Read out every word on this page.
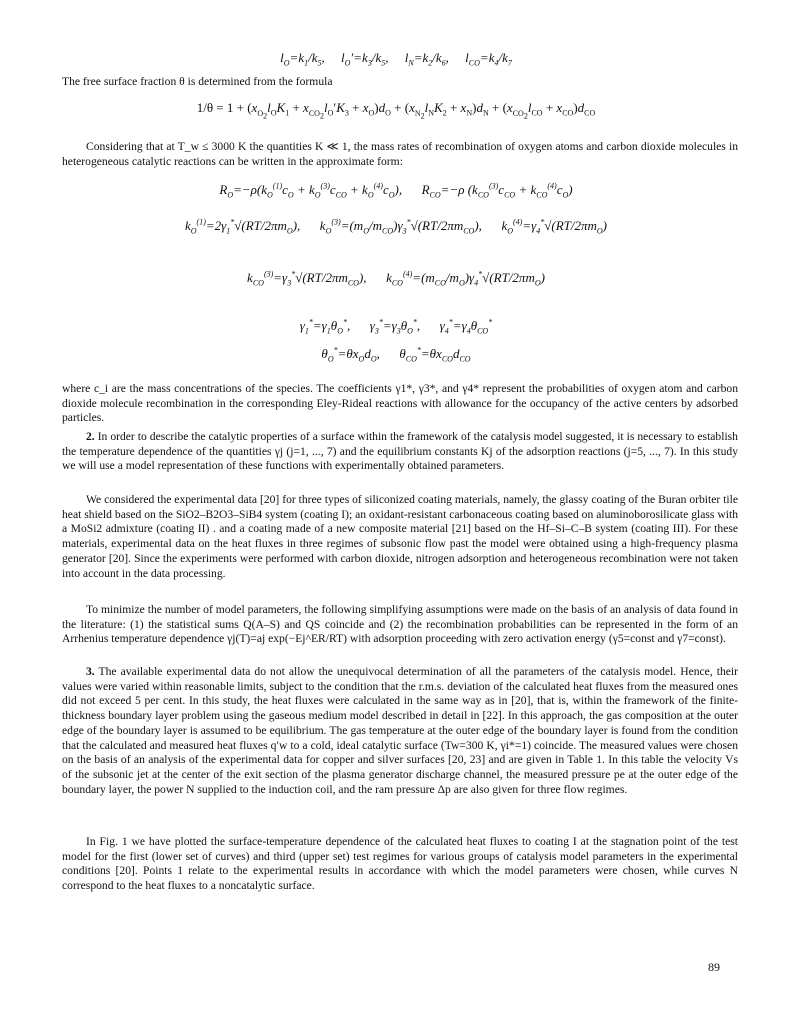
$l_O=k_1/k_5$,     $l_O'=k_3/k_5$,     $l_N=k_2/k_6$,     $l_{CO}=k_4/k_7$

The free surface fraction θ is determined from the formula

$1/\theta = 1 + (x_{O_2}l_OK_1 + x_{CO_2}l_O'K_3 + x_O)d_O + (x_{N_2}l_NK_2 + x_N)d_N + (x_{CO_2}l_{CO} + x_{CO})d_{CO}$

Considering that at T_w ≤ 3000 K the quantities K ≪ 1, the mass rates of recombination of oxygen atoms and carbon dioxide molecules in heterogeneous catalytic reactions can be written in the approximate form:

$R_O=-\rho(k_O^{(1)}c_O + k_O^{(3)}c_{CO} + k_O^{(4)}c_O)$,      $R_{CO}=-\rho$ $(k_{CO}^{(3)}c_{CO} + k_{CO}^{(4)}c_O)$
$k_O^{(1)}=2\gamma_1^*√(RT/2\pi m_O)$,      $k_O^{(3)}=(m_O/m_{CO})\gamma_3^*√(RT/2\pi m_{CO})$,      $k_O^{(4)}=\gamma_4^*√(RT/2\pi m_O)$
$k_{CO}^{(3)}=\gamma_3^*√(RT/2\pi m_{CO})$,      $k_{CO}^{(4)}=(m_{CO}/m_O)\gamma_4^*√(RT/2\pi m_O)$
$\gamma_1^*=\gamma_1\theta_O^*$,      $\gamma_3^*=\gamma_3\theta_O^*$,      $\gamma_4^*=\gamma_4\theta_{CO}^*$
$\theta_O^*=\theta x_Od_O$,      $\theta_{CO}^*=\theta x_{CO}d_{CO}$

where c_i are the mass concentrations of the species. The coefficients γ1*, γ3*, and γ4* represent the probabilities of oxygen atom and carbon dioxide molecule recombination in the corresponding Eley-Rideal reactions with allowance for the occupancy of the active centers by adsorbed particles.

2. In order to describe the catalytic properties of a surface within the framework of the catalysis model suggested, it is necessary to establish the temperature dependence of the quantities γj (j=1, ..., 7) and the equilibrium constants Kj of the adsorption reactions (j=5, ..., 7). In this study we will use a model representation of these functions with experimentally obtained parameters.

We considered the experimental data [20] for three types of siliconized coating materials, namely, the glassy coating of the Buran orbiter tile heat shield based on the SiO2–B2O3–SiB4 system (coating I); an oxidant-resistant carbonaceous coating based on aluminoborosilicate glass with a MoSi2 admixture (coating II) . and a coating made of a new composite material [21] based on the Hf–Si–C–B system (coating III). For these materials, experimental data on the heat fluxes in three regimes of subsonic flow past the model were obtained using a high-frequency plasma generator [20]. Since the experiments were performed with carbon dioxide, nitrogen adsorption and heterogeneous recombination were not taken into account in the data processing.

To minimize the number of model parameters, the following simplifying assumptions were made on the basis of an analysis of data found in the literature: (1) the statistical sums Q(A–S) and QS coincide and (2) the recombination probabilities can be represented in the form of an Arrhenius temperature dependence γj(T)=aj exp(−Ej^ER/RT) with adsorption proceeding with zero activation energy (γ5=const and γ7=const).

3. The available experimental data do not allow the unequivocal determination of all the parameters of the catalysis model. Hence, their values were varied within reasonable limits, subject to the condition that the r.m.s. deviation of the calculated heat fluxes from the measured ones did not exceed 5 per cent. In this study, the heat fluxes were calculated in the same way as in [20], that is, within the framework of the finite-thickness boundary layer problem using the gaseous medium model described in detail in [22]. In this approach, the gas composition at the outer edge of the boundary layer is assumed to be equilibrium. The gas temperature at the outer edge of the boundary layer is found from the condition that the calculated and measured heat fluxes q′w to a cold, ideal catalytic surface (Tw=300 K, γi*=1) coincide. The measured values were chosen on the basis of an analysis of the experimental data for copper and silver surfaces [20, 23] and are given in Table 1. In this table the velocity Vs of the subsonic jet at the center of the exit section of the plasma generator discharge channel, the measured pressure pe at the outer edge of the boundary layer, the power N supplied to the induction coil, and the ram pressure Δp are also given for three flow regimes.

In Fig. 1 we have plotted the surface-temperature dependence of the calculated heat fluxes to coating I at the stagnation point of the test model for the first (lower set of curves) and third (upper set) test regimes for various groups of catalysis model parameters in the experimental conditions [20]. Points 1 relate to the experimental results in accordance with which the model parameters were chosen, while curves N correspond to the heat fluxes to a noncatalytic surface.

89
